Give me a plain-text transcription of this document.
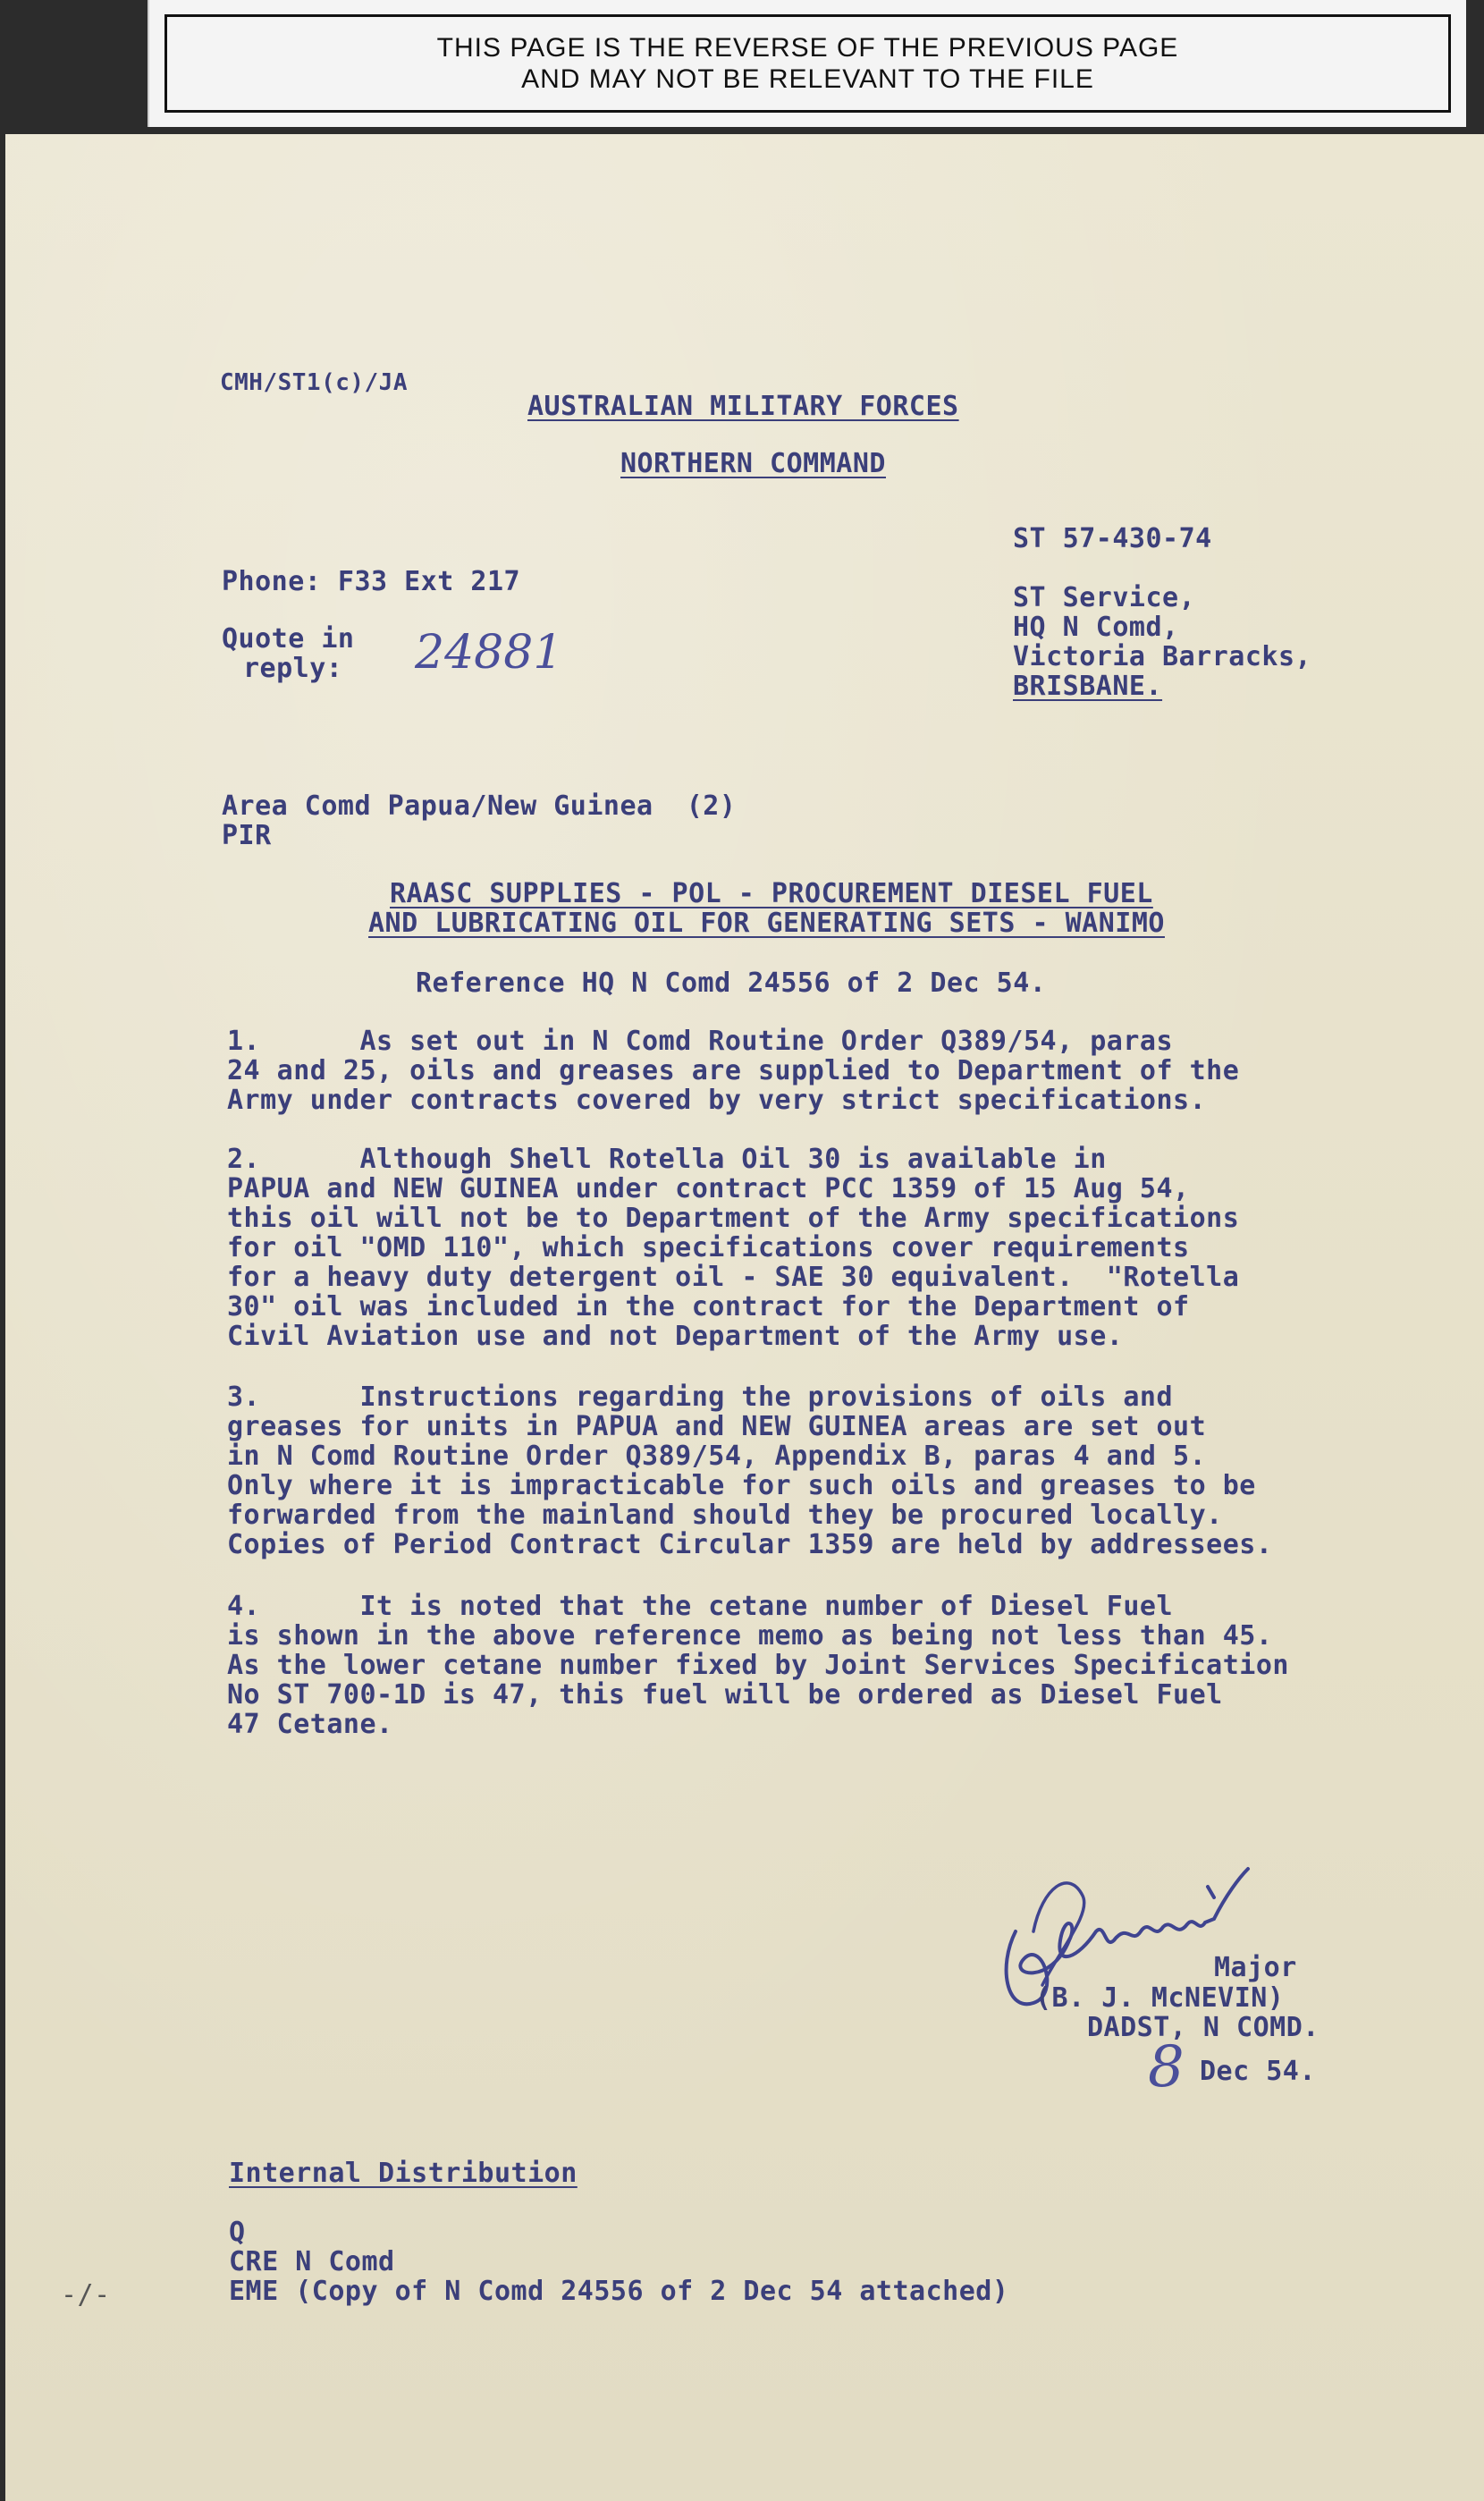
THIS PAGE IS THE REVERSE OF THE PREVIOUS PAGE
AND MAY NOT BE RELEVANT TO THE FILE
CMH/ST1(c)/JA
AUSTRALIAN MILITARY FORCES
NORTHERN COMMAND
ST 57-430-74
Phone: F33 Ext 217
Quote in
reply: 24881
ST Service,
HQ N Comd,
Victoria Barracks,
BRISBANE.
Area Comd Papua/New Guinea  (2)
PIR
RAASC SUPPLIES - POL - PROCUREMENT DIESEL FUEL
AND LUBRICATING OIL FOR GENERATING SETS - WANIMO
Reference HQ N Comd 24556 of 2 Dec 54.
1.      As set out in N Comd Routine Order Q389/54, paras
24 and 25, oils and greases are supplied to Department of the
Army under contracts covered by very strict specifications.
2.      Although Shell Rotella Oil 30 is available in
PAPUA and NEW GUINEA under contract PCC 1359 of 15 Aug 54,
this oil will not be to Department of the Army specifications
for oil "OMD 110", which specifications cover requirements
for a heavy duty detergent oil - SAE 30 equivalent.  "Rotella
30" oil was included in the contract for the Department of
Civil Aviation use and not Department of the Army use.
3.      Instructions regarding the provisions of oils and
greases for units in PAPUA and NEW GUINEA areas are set out
in N Comd Routine Order Q389/54, Appendix B, paras 4 and 5.
Only where it is impracticable for such oils and greases to be
forwarded from the mainland should they be procured locally.
Copies of Period Contract Circular 1359 are held by addressees.
4.      It is noted that the cetane number of Diesel Fuel
is shown in the above reference memo as being not less than 45.
As the lower cetane number fixed by Joint Services Specification
No ST 700-1D is 47, this fuel will be ordered as Diesel Fuel
47 Cetane.
Major
(B. J. McNEVIN)
DADST, N COMD.
8 Dec 54.
Internal Distribution
Q
CRE N Comd
EME (Copy of N Comd 24556 of 2 Dec 54 attached)
-/-
